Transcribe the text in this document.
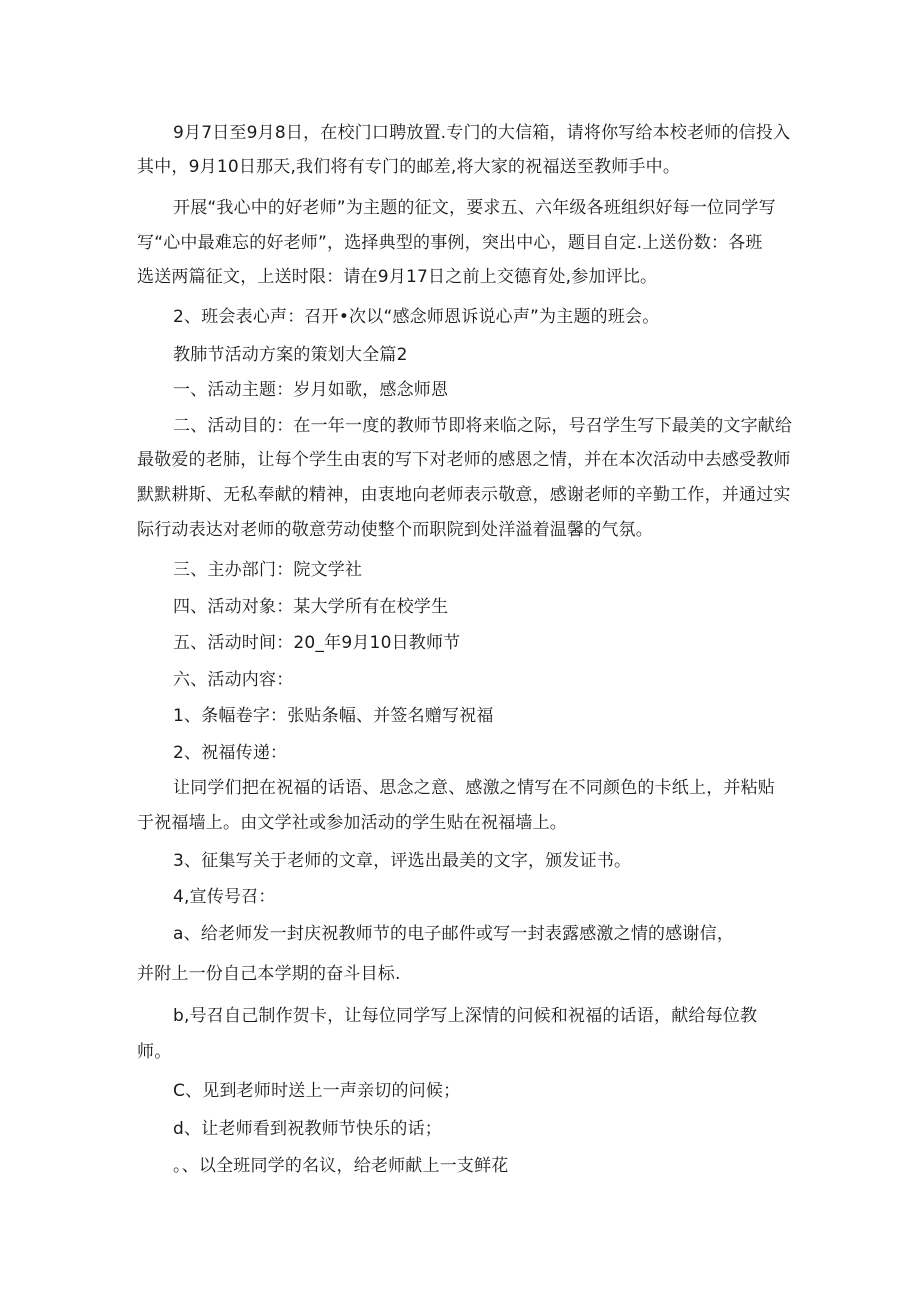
9月7日至9月8日，在校门口聘放置.专门的大信箱，请将你写给本校老师的信投入
其中，9月10日那天,我们将有专门的邮差,将大家的祝福送至教师手中。
开展“我心中的好老师”为主题的征文，要求五、六年级各班组织好每一位同学写
写“心中最难忘的好老师”，选择典型的事例，突出中心，题目自定.上送份数：各班
选送两篇征文，上送时限：请在9月17日之前上交德育处,参加评比。
2、班会表心声：召开•次以“感念师恩诉说心声”为主题的班会。
教肺节活动方案的策划大全篇2
一、活动主题：岁月如歌，感念师恩
二、活动目的：在一年一度的教师节即将来临之际，号召学生写下最美的文字献给
最敬爱的老肺，让每个学生由衷的写下对老师的感恩之情，并在本次活动中去感受教师
默默耕斯、无私奉献的精神，由衷地向老师表示敬意，感谢老师的辛勤工作，并通过实
际行动表达对老师的敬意劳动使整个而职院到处洋溢着温馨的气氛。
三、主办部门：院文学社
四、活动对象：某大学所有在校学生
五、活动时间：20_年9月10日教师节
六、活动内容：
1、条幅卷字：张贴条幅、并签名赠写祝福
2、祝福传递：
让同学们把在祝福的话语、思念之意、感激之情写在不同颜色的卡纸上，并粘贴
于祝福墙上。由文学社或参加活动的学生贴在祝福墙上。
3、征集写关于老师的文章，评选出最美的文字，颁发证书。
4,宣传号召：
a、给老师发一封庆祝教师节的电子邮件或写一封表露感激之情的感谢信，
并附上一份自己本学期的奋斗目标.
b,号召自己制作贺卡，让每位同学写上深情的问候和祝福的话语，献给每位教
师。
C、见到老师时送上一声亲切的问候；
d、让老师看到祝教师节快乐的话；
。、以全班同学的名议，给老师献上一支鲜花
